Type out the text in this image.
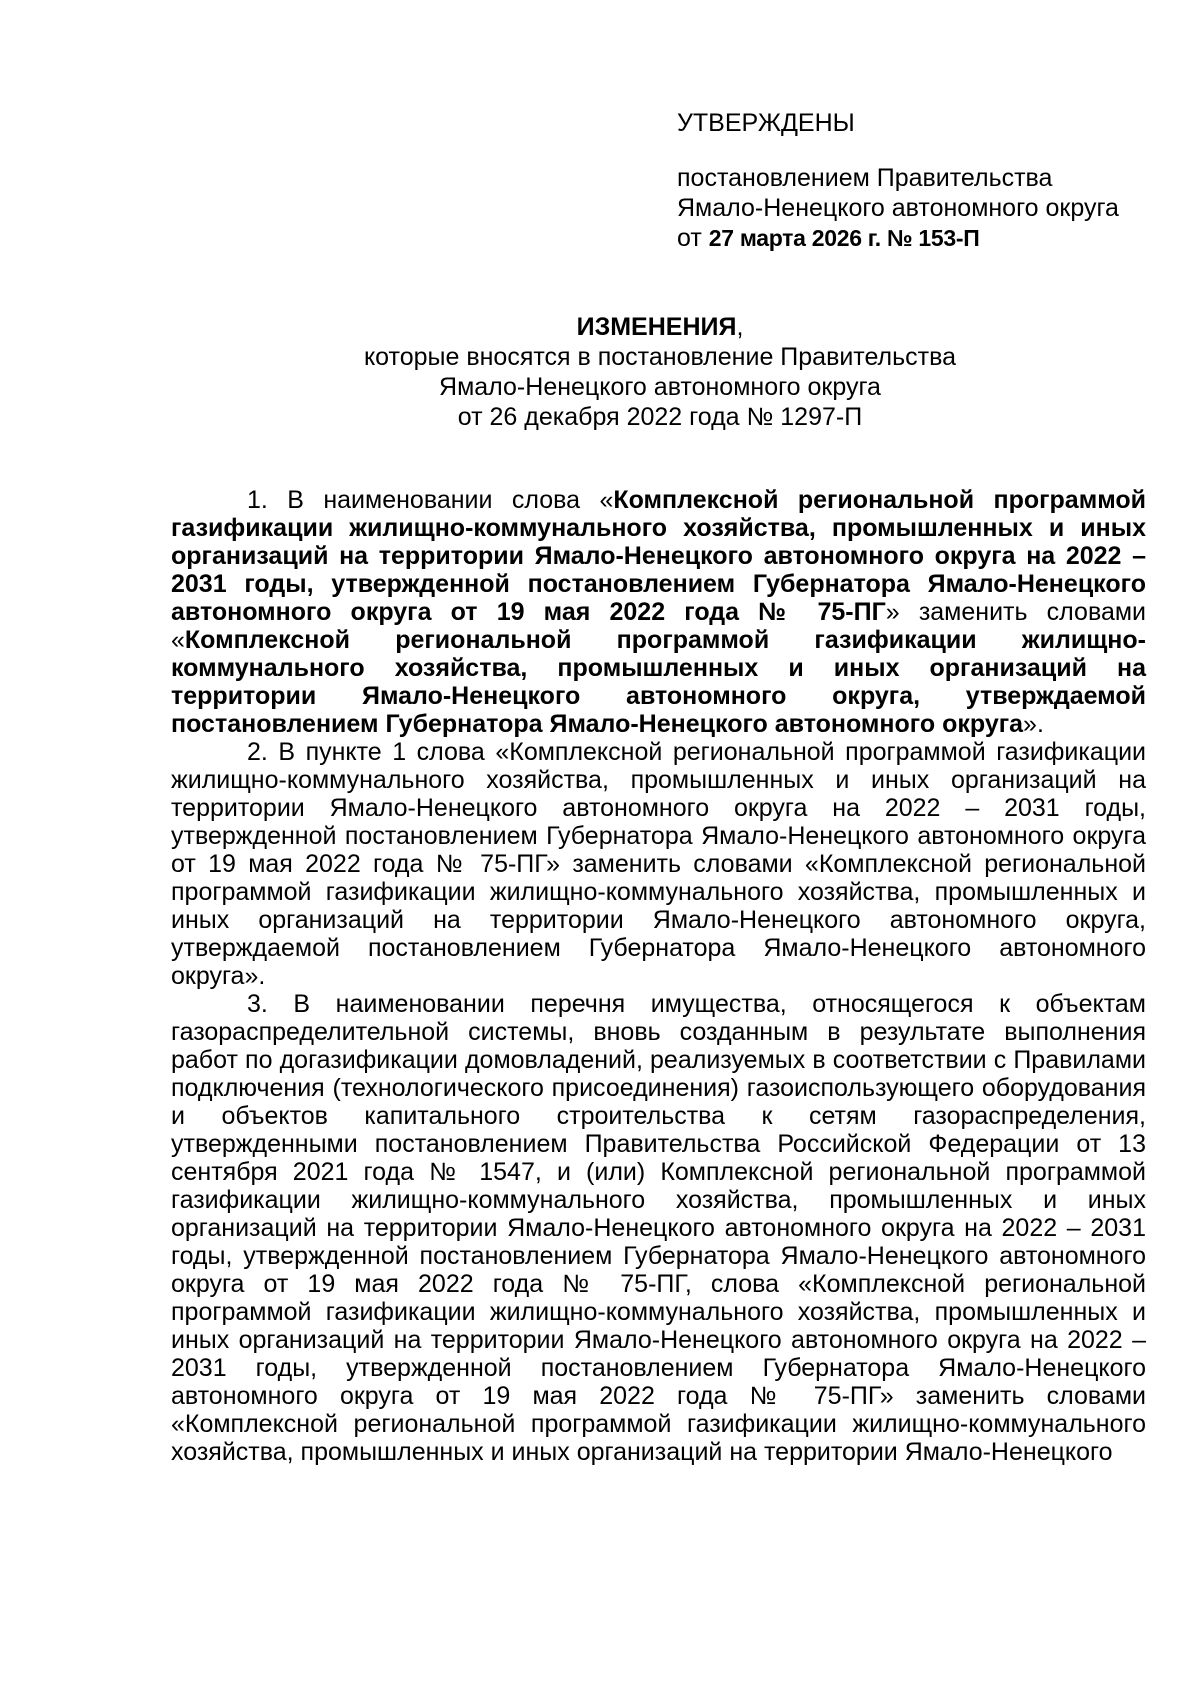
УТВЕРЖДЕНЫ
постановлением Правительства
Ямало-Ненецкого автономного округа
от 27 марта 2026 г. № 153-П
ИЗМЕНЕНИЯ,
которые вносятся в постановление Правительства
Ямало-Ненецкого автономного округа
от 26 декабря 2022 года № 1297-П

1. В наименовании слова «Комплексной региональной программой газификации жилищно-коммунального хозяйства, промышленных и иных организаций на территории Ямало-Ненецкого автономного округа на 2022 – 2031 годы, утвержденной постановлением Губернатора Ямало-Ненецкого автономного округа от 19 мая 2022 года № 75-ПГ» заменить словами «Комплексной региональной программой газификации жилищно-коммунального хозяйства, промышленных и иных организаций на территории Ямало-Ненецкого автономного округа, утверждаемой постановлением Губернатора Ямало-Ненецкого автономного округа».

2. В пункте 1 слова «Комплексной региональной программой газификации жилищно-коммунального хозяйства, промышленных и иных организаций на территории Ямало-Ненецкого автономного округа на 2022 – 2031 годы, утвержденной постановлением Губернатора Ямало-Ненецкого автономного округа от 19 мая 2022 года № 75-ПГ» заменить словами «Комплексной региональной программой газификации жилищно-коммунального хозяйства, промышленных и иных организаций на территории Ямало-Ненецкого автономного округа, утверждаемой постановлением Губернатора Ямало-Ненецкого автономного округа».

3. В наименовании перечня имущества, относящегося к объектам газораспределительной системы, вновь созданным в результате выполнения работ по догазификации домовладений, реализуемых в соответствии с Правилами подключения (технологического присоединения) газоиспользующего оборудования и объектов капитального строительства к сетям газораспределения, утвержденными постановлением Правительства Российской Федерации от 13 сентября 2021 года № 1547, и (или) Комплексной региональной программой газификации жилищно-коммунального хозяйства, промышленных и иных организаций на территории Ямало-Ненецкого автономного округа на 2022 – 2031 годы, утвержденной постановлением Губернатора Ямало-Ненецкого автономного округа от 19 мая 2022 года № 75-ПГ, слова «Комплексной региональной программой газификации жилищно-коммунального хозяйства, промышленных и иных организаций на территории Ямало-Ненецкого автономного округа на 2022 – 2031 годы, утвержденной постановлением Губернатора Ямало-Ненецкого автономного округа от 19 мая 2022 года № 75-ПГ» заменить словами «Комплексной региональной программой газификации жилищно-коммунального хозяйства, промышленных и иных организаций на территории Ямало-Ненецкого
